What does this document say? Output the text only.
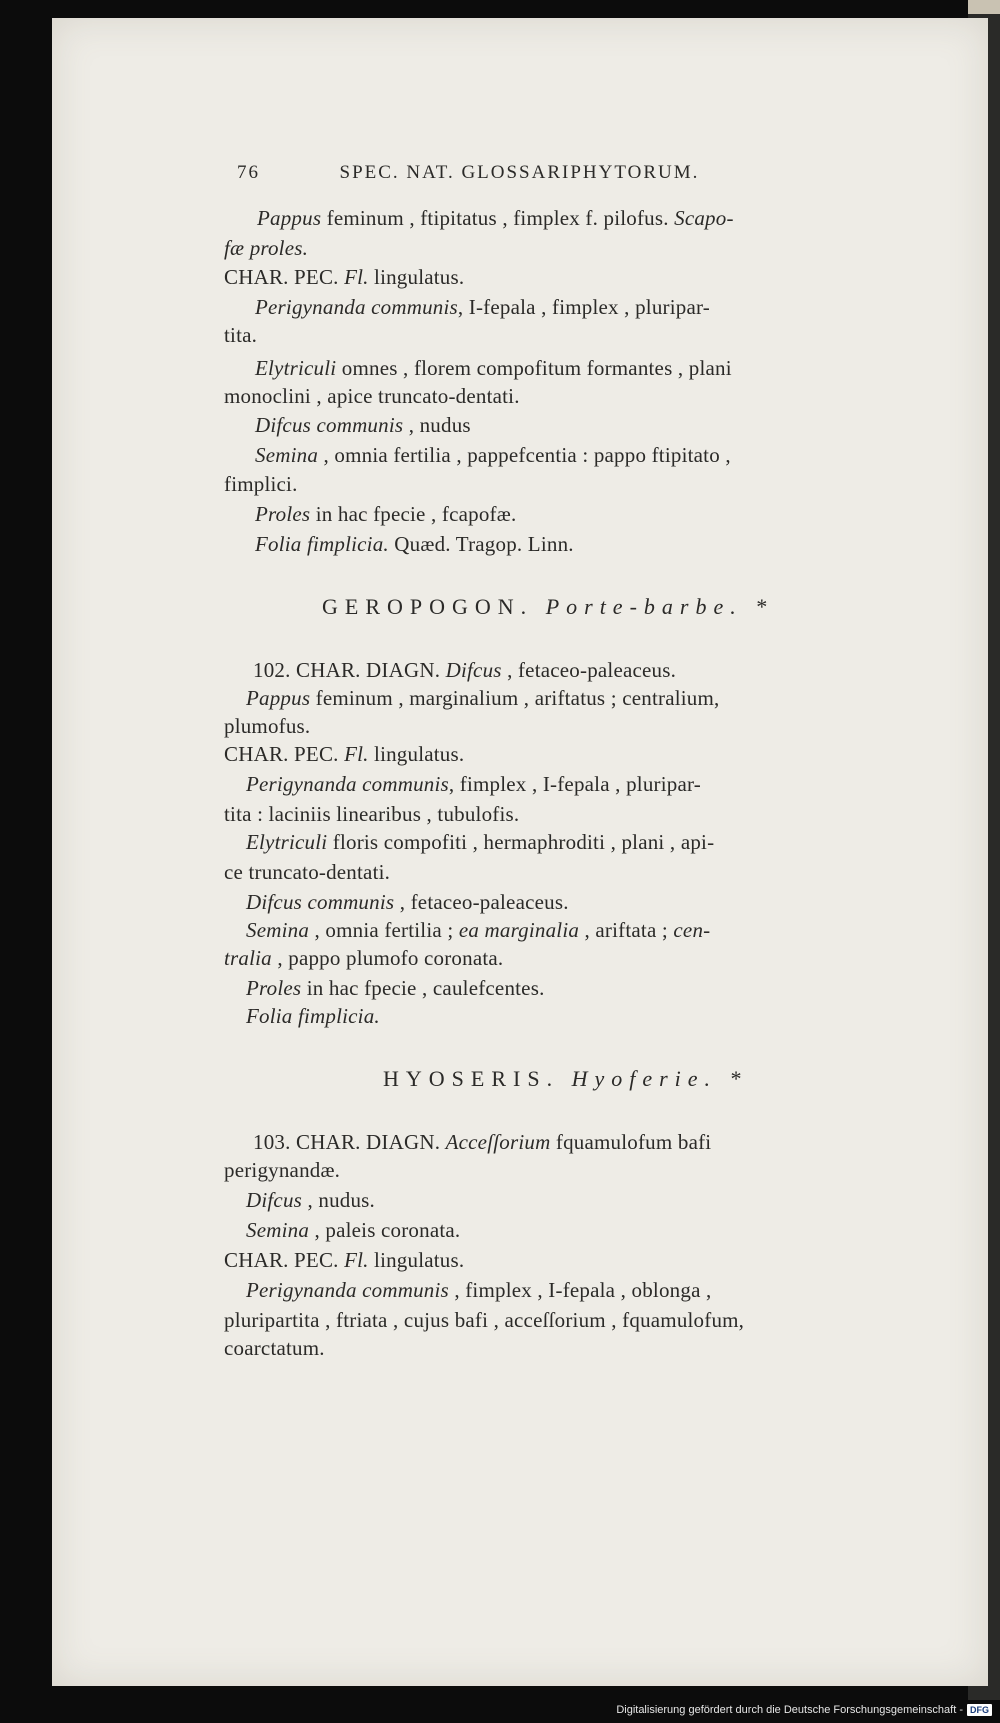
76	SPEC. NAT. GLOSSARIPHYTORUM.
Pappus feminum , ftipitatus , fimplex f. pilofus. Scapo-
fæ proles.
CHAR. PEC. Fl. lingulatus.
Perigynanda communis, I-fepala , fimplex , pluripar-
tita.
Elytriculi omnes , florem compofitum formantes , plani
monoclini , apice truncato-dentati.
Difcus communis , nudus
Semina , omnia fertilia , pappefcentia : pappo ftipitato ,
fimplici.
Proles in hac fpecie , fcapofæ.
Folia fimplicia. Quæd. Tragop. Linn.
GEROPOGON. Porte-barbe. *
102. CHAR. DIAGN. Difcus , fetaceo-paleaceus.
Pappus feminum , marginalium , ariftatus ; centralium,
plumofus.
CHAR. PEC. Fl. lingulatus.
Perigynanda communis, fimplex , I-fepala , pluripar-
tita : laciniis linearibus , tubulofis.
Elytriculi floris compofiti , hermaphroditi , plani , api-
ce truncato-dentati.
Difcus communis , fetaceo-paleaceus.
Semina , omnia fertilia ; ea marginalia , ariftata ; cen-
tralia , pappo plumofo coronata.
Proles in hac fpecie , caulefcentes.
Folia fimplicia.
HYOSERIS. Hyoferie. *
103. CHAR. DIAGN. Acceſſorium fquamulofum bafi
perigynandæ.
Difcus , nudus.
Semina , paleis coronata.
CHAR. PEC. Fl. lingulatus.
Perigynanda communis , fimplex , I-fepala , oblonga ,
pluripartita , ftriata , cujus bafi , acceſſorium , fquamulofum,
coarctatum.
Digitalisierung gefördert durch die Deutsche Forschungsgemeinschaft - DFG
